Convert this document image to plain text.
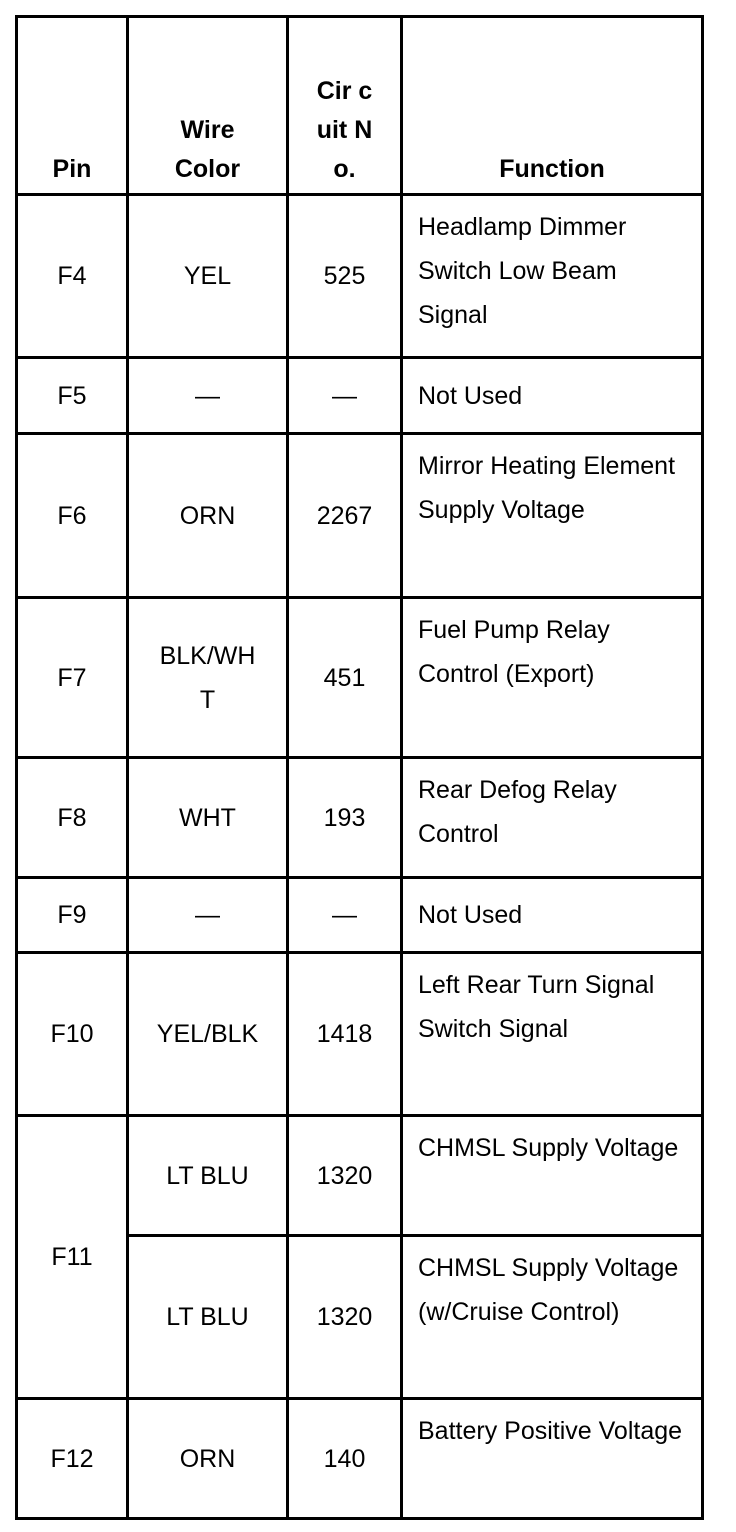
Pin	Wire Color	Cir cuit No.	Function
F4	YEL	525	Headlamp Dimmer Switch Low Beam Signal
F5	—	—	Not Used
F6	ORN	2267	Mirror Heating Element Supply Voltage
F7	BLK/WHT	451	Fuel Pump Relay Control (Export)
F8	WHT	193	Rear Defog Relay Control
F9	—	—	Not Used
F10	YEL/BLK	1418	Left Rear Turn Signal Switch Signal
F11	LT BLU	1320	CHMSL Supply Voltage
	LT BLU	1320	CHMSL Supply Voltage (w/Cruise Control)
F12	ORN	140	Battery Positive Voltage
